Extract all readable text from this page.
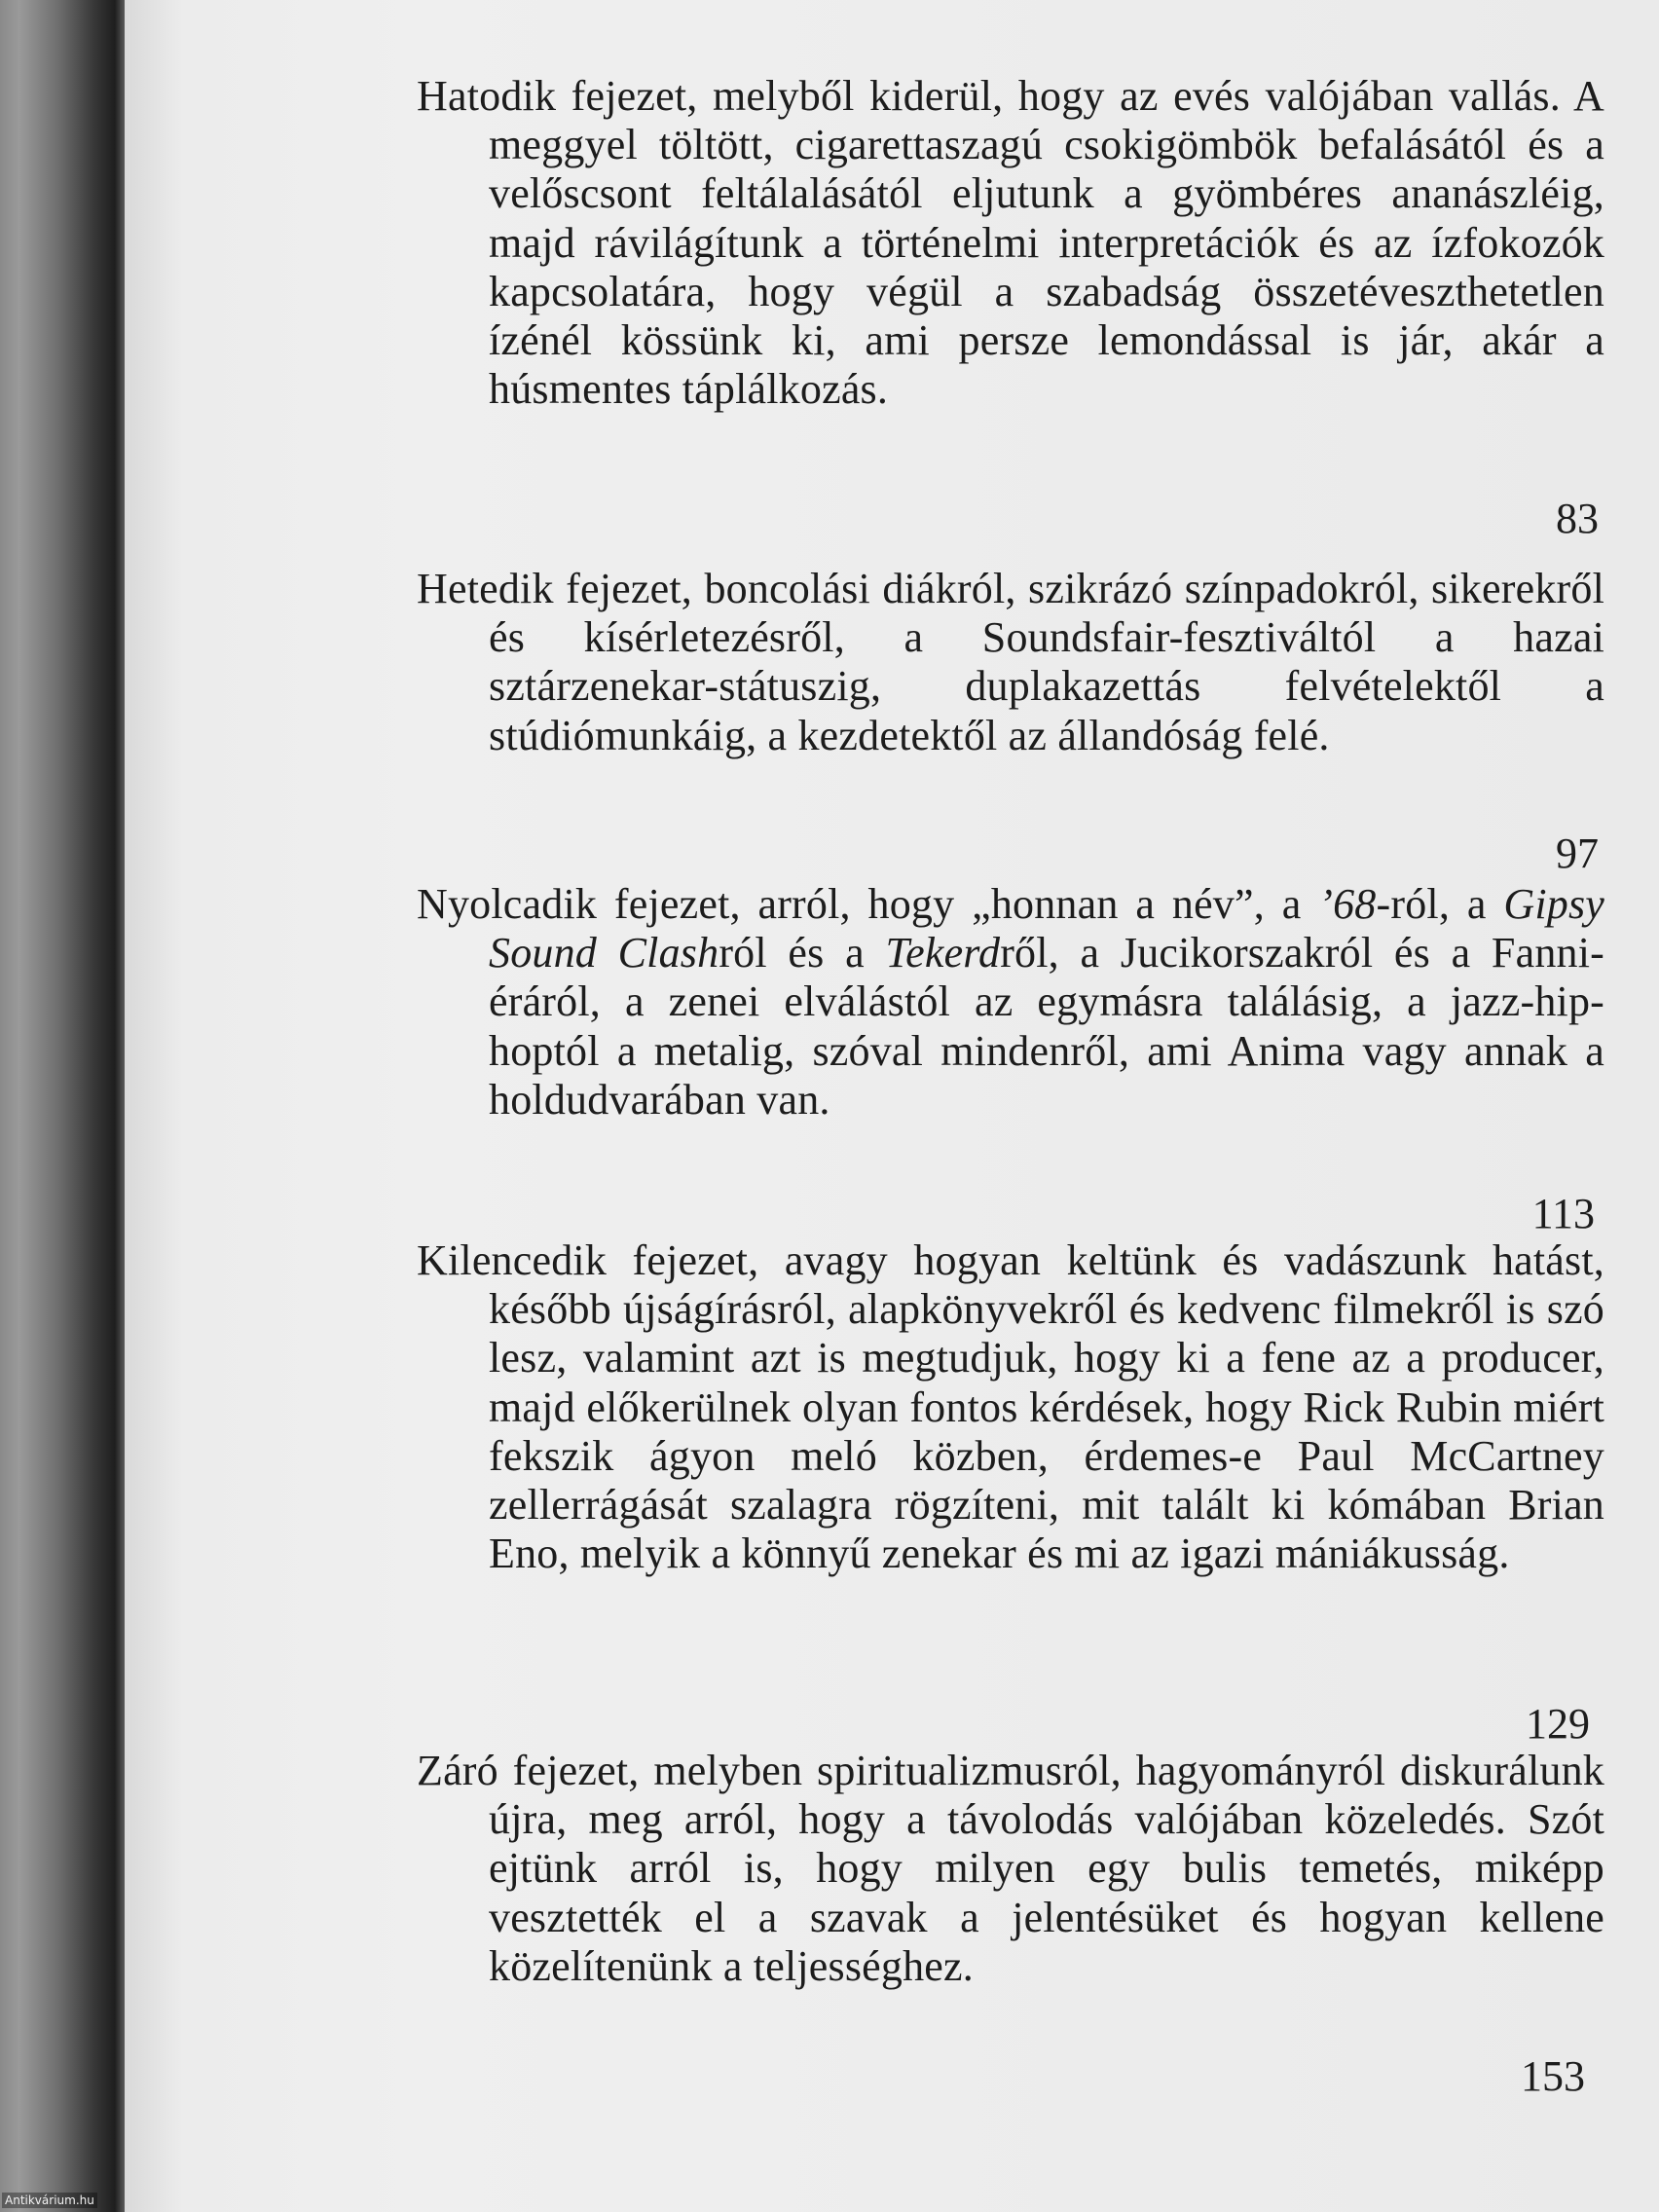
Hatodik fejezet, melyből kiderül, hogy az evés valójában vallás. A meggyel töltött, cigarettaszagú csokigömbök befalásától és a velőscsont feltálalásától eljutunk a gyömbéres ananászléig, majd rávilágítunk a történelmi interpretációk és az ízfokozók kapcsolatára, hogy végül a szabadság összetéveszthetetlen ízénél kössünk ki, ami persze lemondással is jár, akár a húsmentes táplálkozás.

83

Hetedik fejezet, boncolási diákról, szikrázó színpadokról, sikerekről és kísérletezésről, a Soundsfair-fesztiváltól a hazai sztárzenekar-státuszig, duplakazettás felvételektől a stúdiómunkáig, a kezdetektől az állandóság felé.

97

Nyolcadik fejezet, arról, hogy „honnan a név”, a ’68-ról, a Gipsy Sound Clashról és a Tekerdről, a Jucikorszakról és a Fanni-éráról, a zenei elválástól az egymásra találásig, a jazz-hip-hoptól a metalig, szóval mindenről, ami Anima vagy annak a holdudvarában van.

113

Kilencedik fejezet, avagy hogyan keltünk és vadászunk hatást, később újságírásról, alapkönyvekről és kedvenc filmekről is szó lesz, valamint azt is megtudjuk, hogy ki a fene az a producer, majd előkerülnek olyan fontos kérdések, hogy Rick Rubin miért fekszik ágyon meló közben, érdemes-e Paul McCartney zellerrágását szalagra rögzíteni, mit talált ki kómában Brian Eno, melyik a könnyű zenekar és mi az igazi mániákusság.

129

Záró fejezet, melyben spiritualizmusról, hagyományról diskurálunk újra, meg arról, hogy a távolodás valójában közeledés. Szót ejtünk arról is, hogy milyen egy bulis temetés, miképp vesztették el a szavak a jelentésüket és hogyan kellene közelítenünk a teljességhez.

153
Antikvárium.hu
